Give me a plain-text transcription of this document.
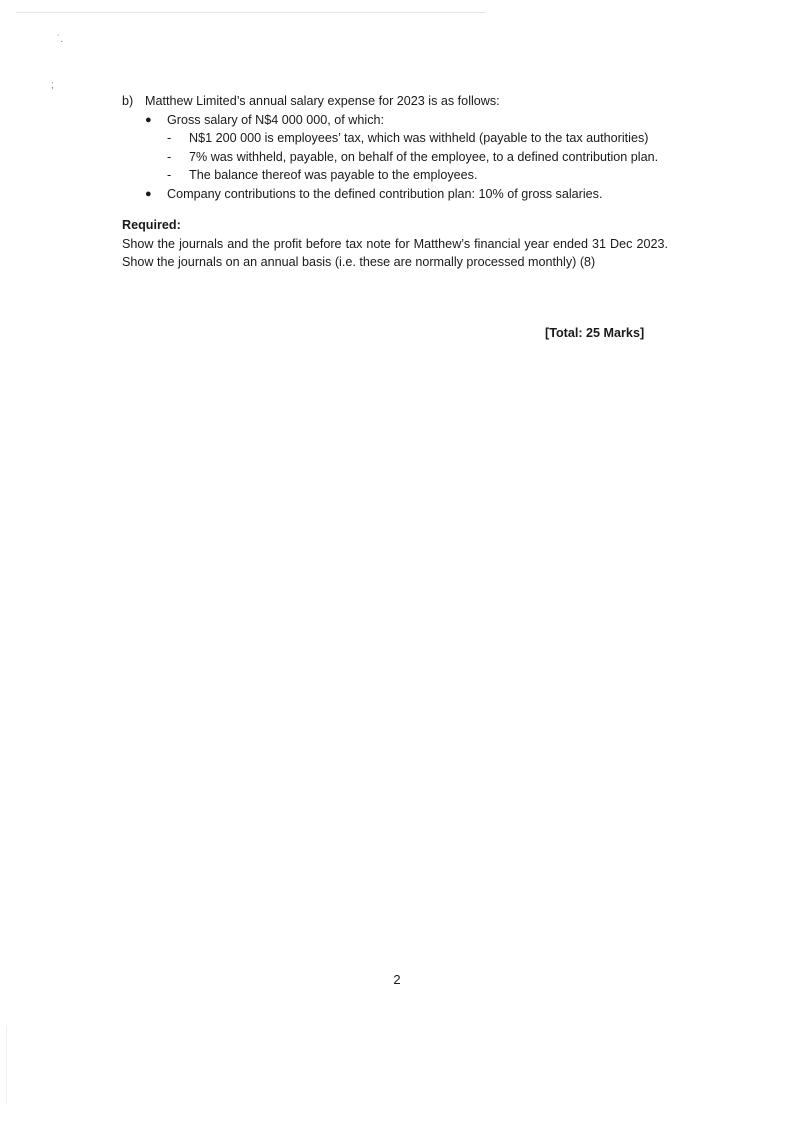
˙.
;
b) Matthew Limited’s annual salary expense for 2023 is as follows:
●	Gross salary of N$4 000 000, of which:
-	N$1 200 000 is employees’ tax, which was withheld (payable to the tax authorities)
-	7% was withheld, payable, on behalf of the employee, to a defined contribution plan.
-	The balance thereof was payable to the employees.
●	Company contributions to the defined contribution plan: 10% of gross salaries.
Required:
Show the journals and the profit before tax note for Matthew’s financial year ended 31 Dec 2023. Show the journals on an annual basis (i.e. these are normally processed monthly) (8)
[Total: 25 Marks]
2
